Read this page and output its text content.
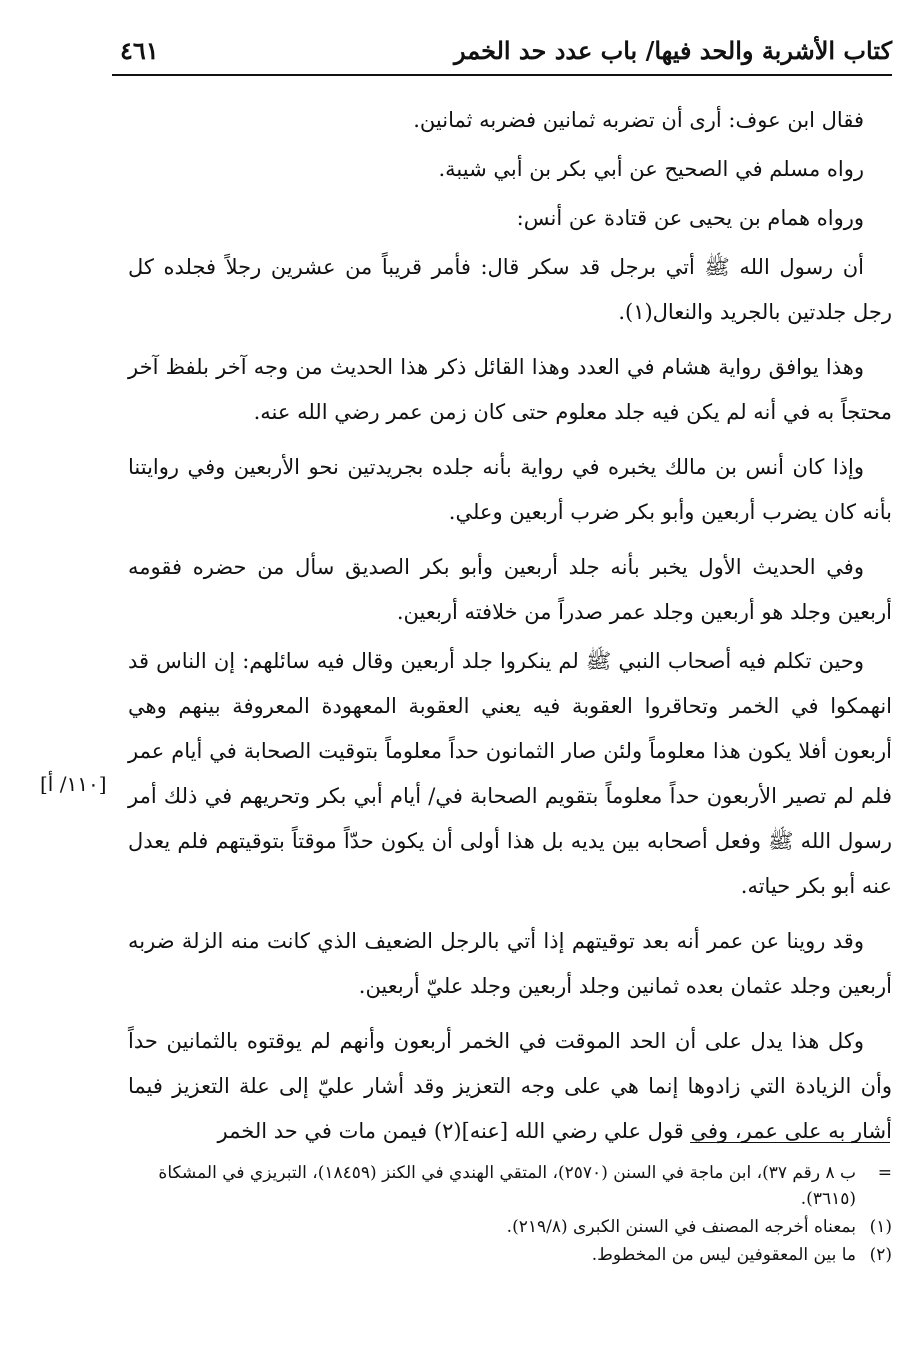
كتاب الأشربة والحد فيها/ باب عدد حد الخمر
٤٦١

فقال ابن عوف: أرى أن تضربه ثمانين فضربه ثمانين.

رواه مسلم في الصحيح عن أبي بكر بن أبي شيبة.

ورواه همام بن يحيى عن قتادة عن أنس:

أن رسول الله ﷺ أتي برجل قد سكر قال: فأمر قريباً من عشرين رجلاً فجلده كل رجل جلدتين بالجريد والنعال(١).

وهذا يوافق رواية هشام في العدد وهذا القائل ذكر هذا الحديث من وجه آخر بلفظ آخر محتجاً به في أنه لم يكن فيه جلد معلوم حتى كان زمن عمر رضي الله عنه.

وإذا كان أنس بن مالك يخبره في رواية بأنه جلده بجريدتين نحو الأربعين وفي روايتنا بأنه كان يضرب أربعين وأبو بكر ضرب أربعين وعلي.

وفي الحديث الأول يخبر بأنه جلد أربعين وأبو بكر الصديق سأل من حضره فقومه أربعين وجلد هو أربعين وجلد عمر صدراً من خلافته أربعين.

وحين تكلم فيه أصحاب النبي ﷺ لم ينكروا جلد أربعين وقال فيه سائلهم: إن الناس قد انهمكوا في الخمر وتحاقروا العقوبة فيه يعني العقوبة المعهودة المعروفة بينهم وهي أربعون أفلا يكون هذا معلوماً ولئن صار الثمانون حداً معلوماً بتوقيت الصحابة في أيام عمر فلم لم تصير الأربعون حداً معلوماً بتقويم الصحابة في/ أيام أبي بكر وتحريهم في ذلك أمر رسول الله ﷺ وفعل أصحابه بين يديه بل هذا أولى أن يكون حدّاً موقتاً بتوقيتهم فلم يعدل عنه أبو بكر حياته.

وقد روينا عن عمر أنه بعد توقيتهم إذا أتي بالرجل الضعيف الذي كانت منه الزلة ضربه أربعين وجلد عثمان بعده ثمانين وجلد أربعين وجلد عليّ أربعين.

وكل هذا يدل على أن الحد الموقت في الخمر أربعون وأنهم لم يوقتوه بالثمانين حداً وأن الزيادة التي زادوها إنما هي على وجه التعزيز وقد أشار عليّ إلى علة التعزيز فيما أشار به على عمر، وفي قول علي رضي الله [عنه](٢) فيمن مات في حد الخمر

[١١٠/ أ]
=
ب ٨ رقم ٣٧)، ابن ماجة في السنن (٢٥٧٠)، المتقي الهندي في الكنز (١٨٤٥٩)، التبريزي في المشكاة (٣٦١٥).
(١)
بمعناه أخرجه المصنف في السنن الكبرى (٢١٩/٨).
(٢)
ما بين المعقوفين ليس من المخطوط.
